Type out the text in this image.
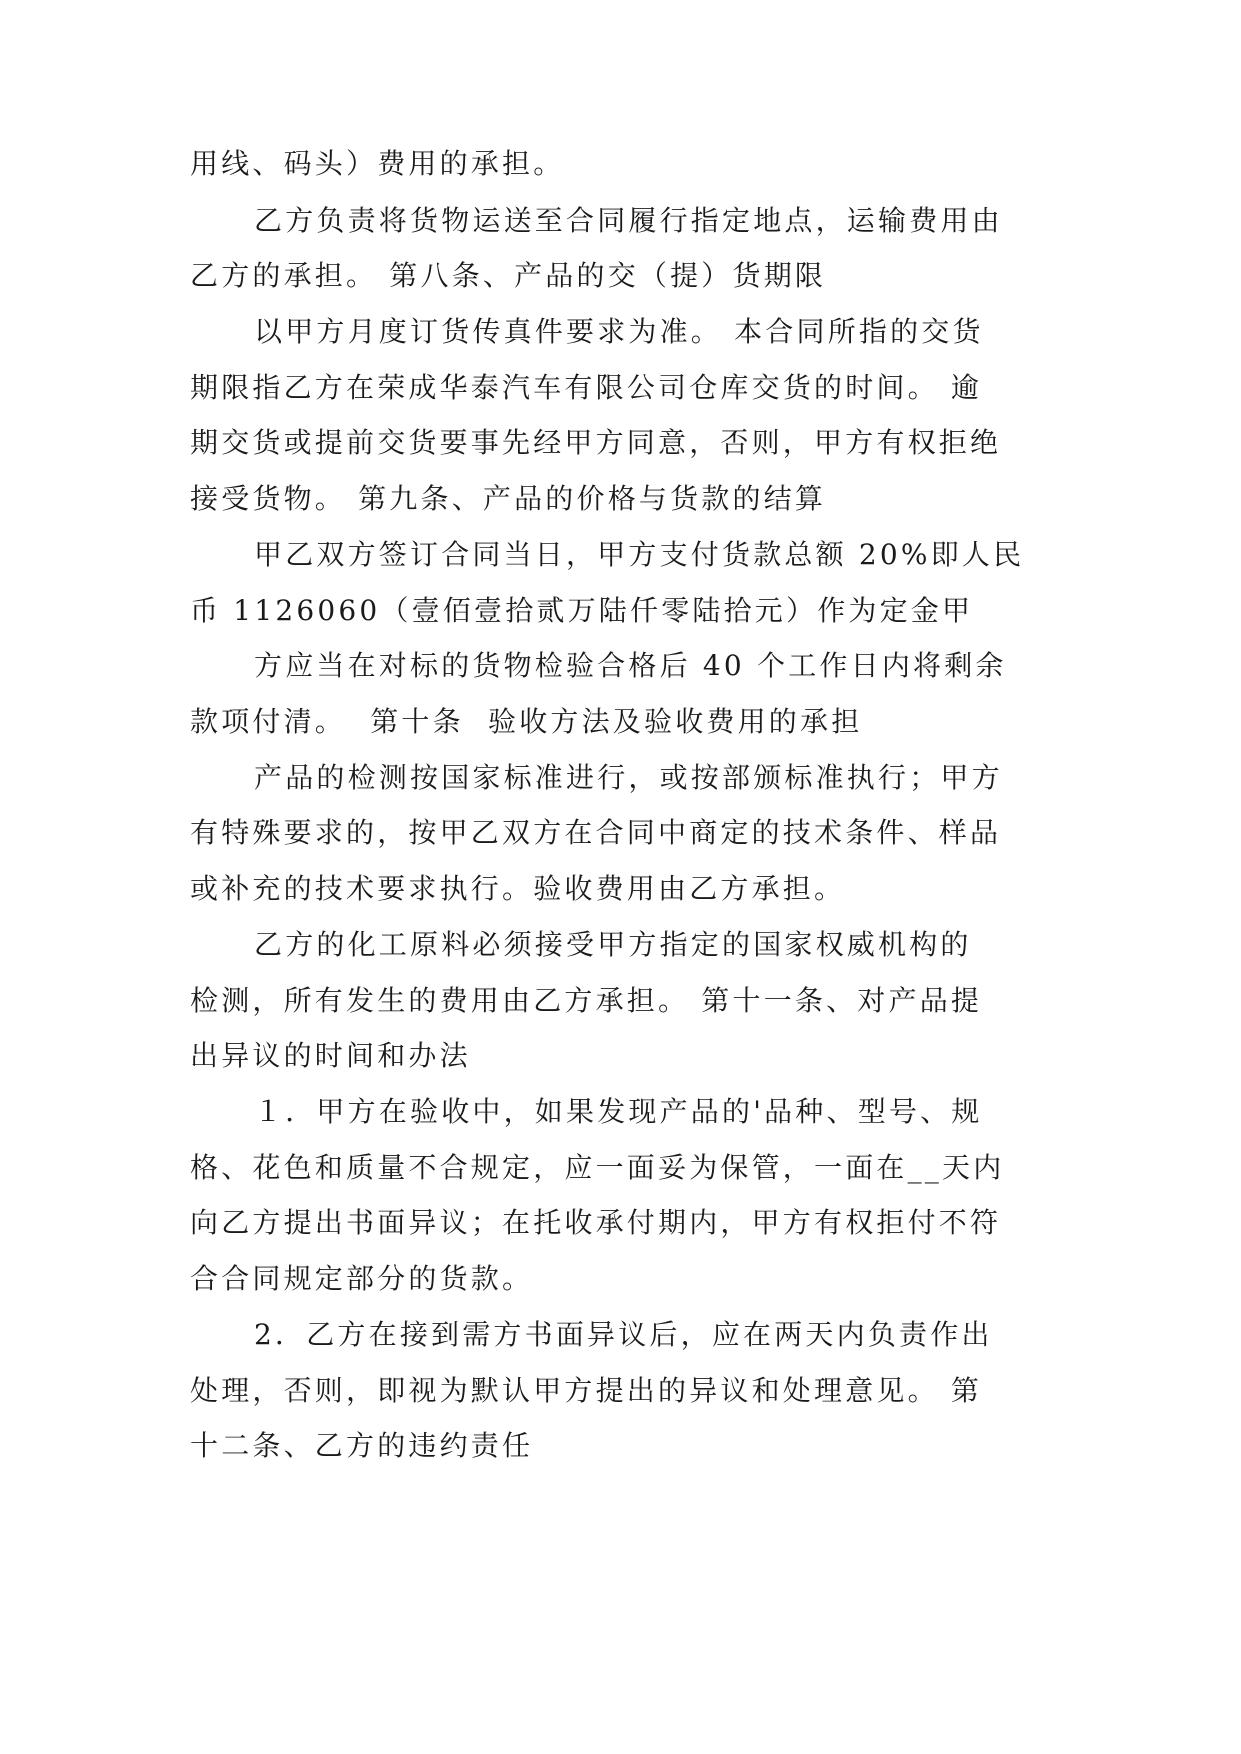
用线、码头）费用的承担。

乙方负责将货物运送至合同履行指定地点，运输费用由

乙方的承担。 第八条、产品的交（提）货期限

以甲方月度订货传真件要求为准。 本合同所指的交货

期限指乙方在荣成华泰汽车有限公司仓库交货的时间。 逾

期交货或提前交货要事先经甲方同意，否则，甲方有权拒绝

接受货物。 第九条、产品的价格与货款的结算

甲乙双方签订合同当日，甲方支付货款总额 20%即人民

币 1126060（壹佰壹拾贰万陆仟零陆拾元）作为定金甲

方应当在对标的货物检验合格后 40 个工作日内将剩余

款项付清。  第十条  验收方法及验收费用的承担

产品的检测按国家标准进行，或按部颁标准执行；甲方

有特殊要求的，按甲乙双方在合同中商定的技术条件、样品

或补充的技术要求执行。验收费用由乙方承担。

乙方的化工原料必须接受甲方指定的国家权威机构的

检测，所有发生的费用由乙方承担。 第十一条、对产品提

出异议的时间和办法

１．甲方在验收中，如果发现产品的'品种、型号、规

格、花色和质量不合规定，应一面妥为保管，一面在__天内

向乙方提出书面异议；在托收承付期内，甲方有权拒付不符

合合同规定部分的货款。

2．乙方在接到需方书面异议后，应在两天内负责作出

处理，否则，即视为默认甲方提出的异议和处理意见。 第

十二条、乙方的违约责任
